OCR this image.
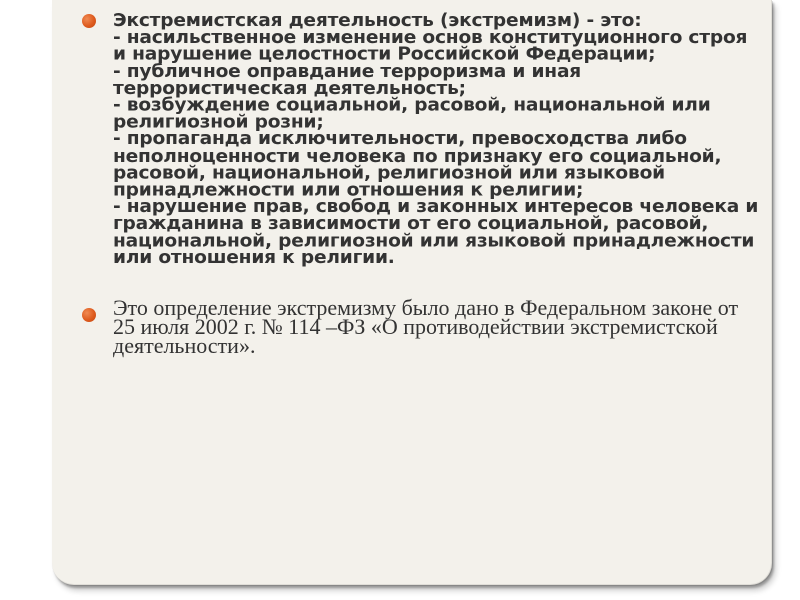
Экстремистская деятельность (экстремизм) - это:
- насильственное изменение основ конституционного строя и нарушение целостности Российской Федерации;
- публичное оправдание терроризма и иная террористическая деятельность;
- возбуждение социальной, расовой, национальной или религиозной розни;
- пропаганда исключительности, превосходства либо неполноценности человека по признаку его социальной, расовой, национальной, религиозной или языковой принадлежности или отношения к религии;
- нарушение прав, свобод и законных интересов человека и гражданина в зависимости от его социальной, расовой, национальной, религиозной или языковой принадлежности или отношения к религии.
Это определение экстремизму было дано в Федеральном законе от 25 июля 2002 г. № 114 –ФЗ «О противодействии экстремистской деятельности».
